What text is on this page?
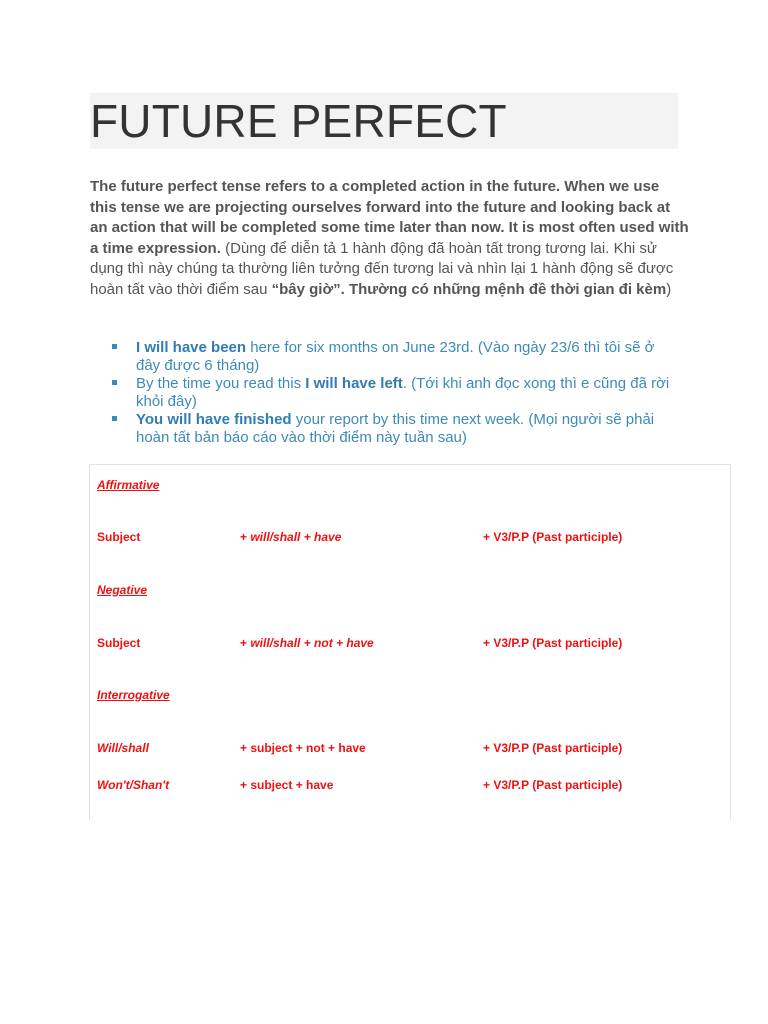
FUTURE PERFECT

The future perfect tense refers to a completed action in the future. When we use this tense we are projecting ourselves forward into the future and looking back at an action that will be completed some time later than now. It is most often used with a time expression. (Dùng để diễn tả 1 hành động đã hoàn tất trong tương lai. Khi sử dụng thì này chúng ta thường liên tưởng đến tương lai và nhìn lại 1 hành động sẽ được hoàn tất vào thời điểm sau “bây giờ”. Thường có những mệnh đề thời gian đi kèm)

I will have been here for six months on June 23rd. (Vào ngày 23/6 thì tôi sẽ ở đây được 6 tháng)
By the time you read this I will have left. (Tới khi anh đọc xong thì e cũng đã rời khỏi đây)
You will have finished your report by this time next week. (Mọi người sẽ phải hoàn tất bản báo cáo vào thời điểm này tuần sau)
Affirmative
Subject	+ will/shall + have	+ V3/P.P (Past participle)
Negative
Subject	+ will/shall + not + have	+ V3/P.P (Past participle)
Interrogative
Will/shall	+ subject + not + have	+ V3/P.P (Past participle)
Won't/Shan't	+ subject + have	+ V3/P.P (Past participle)
